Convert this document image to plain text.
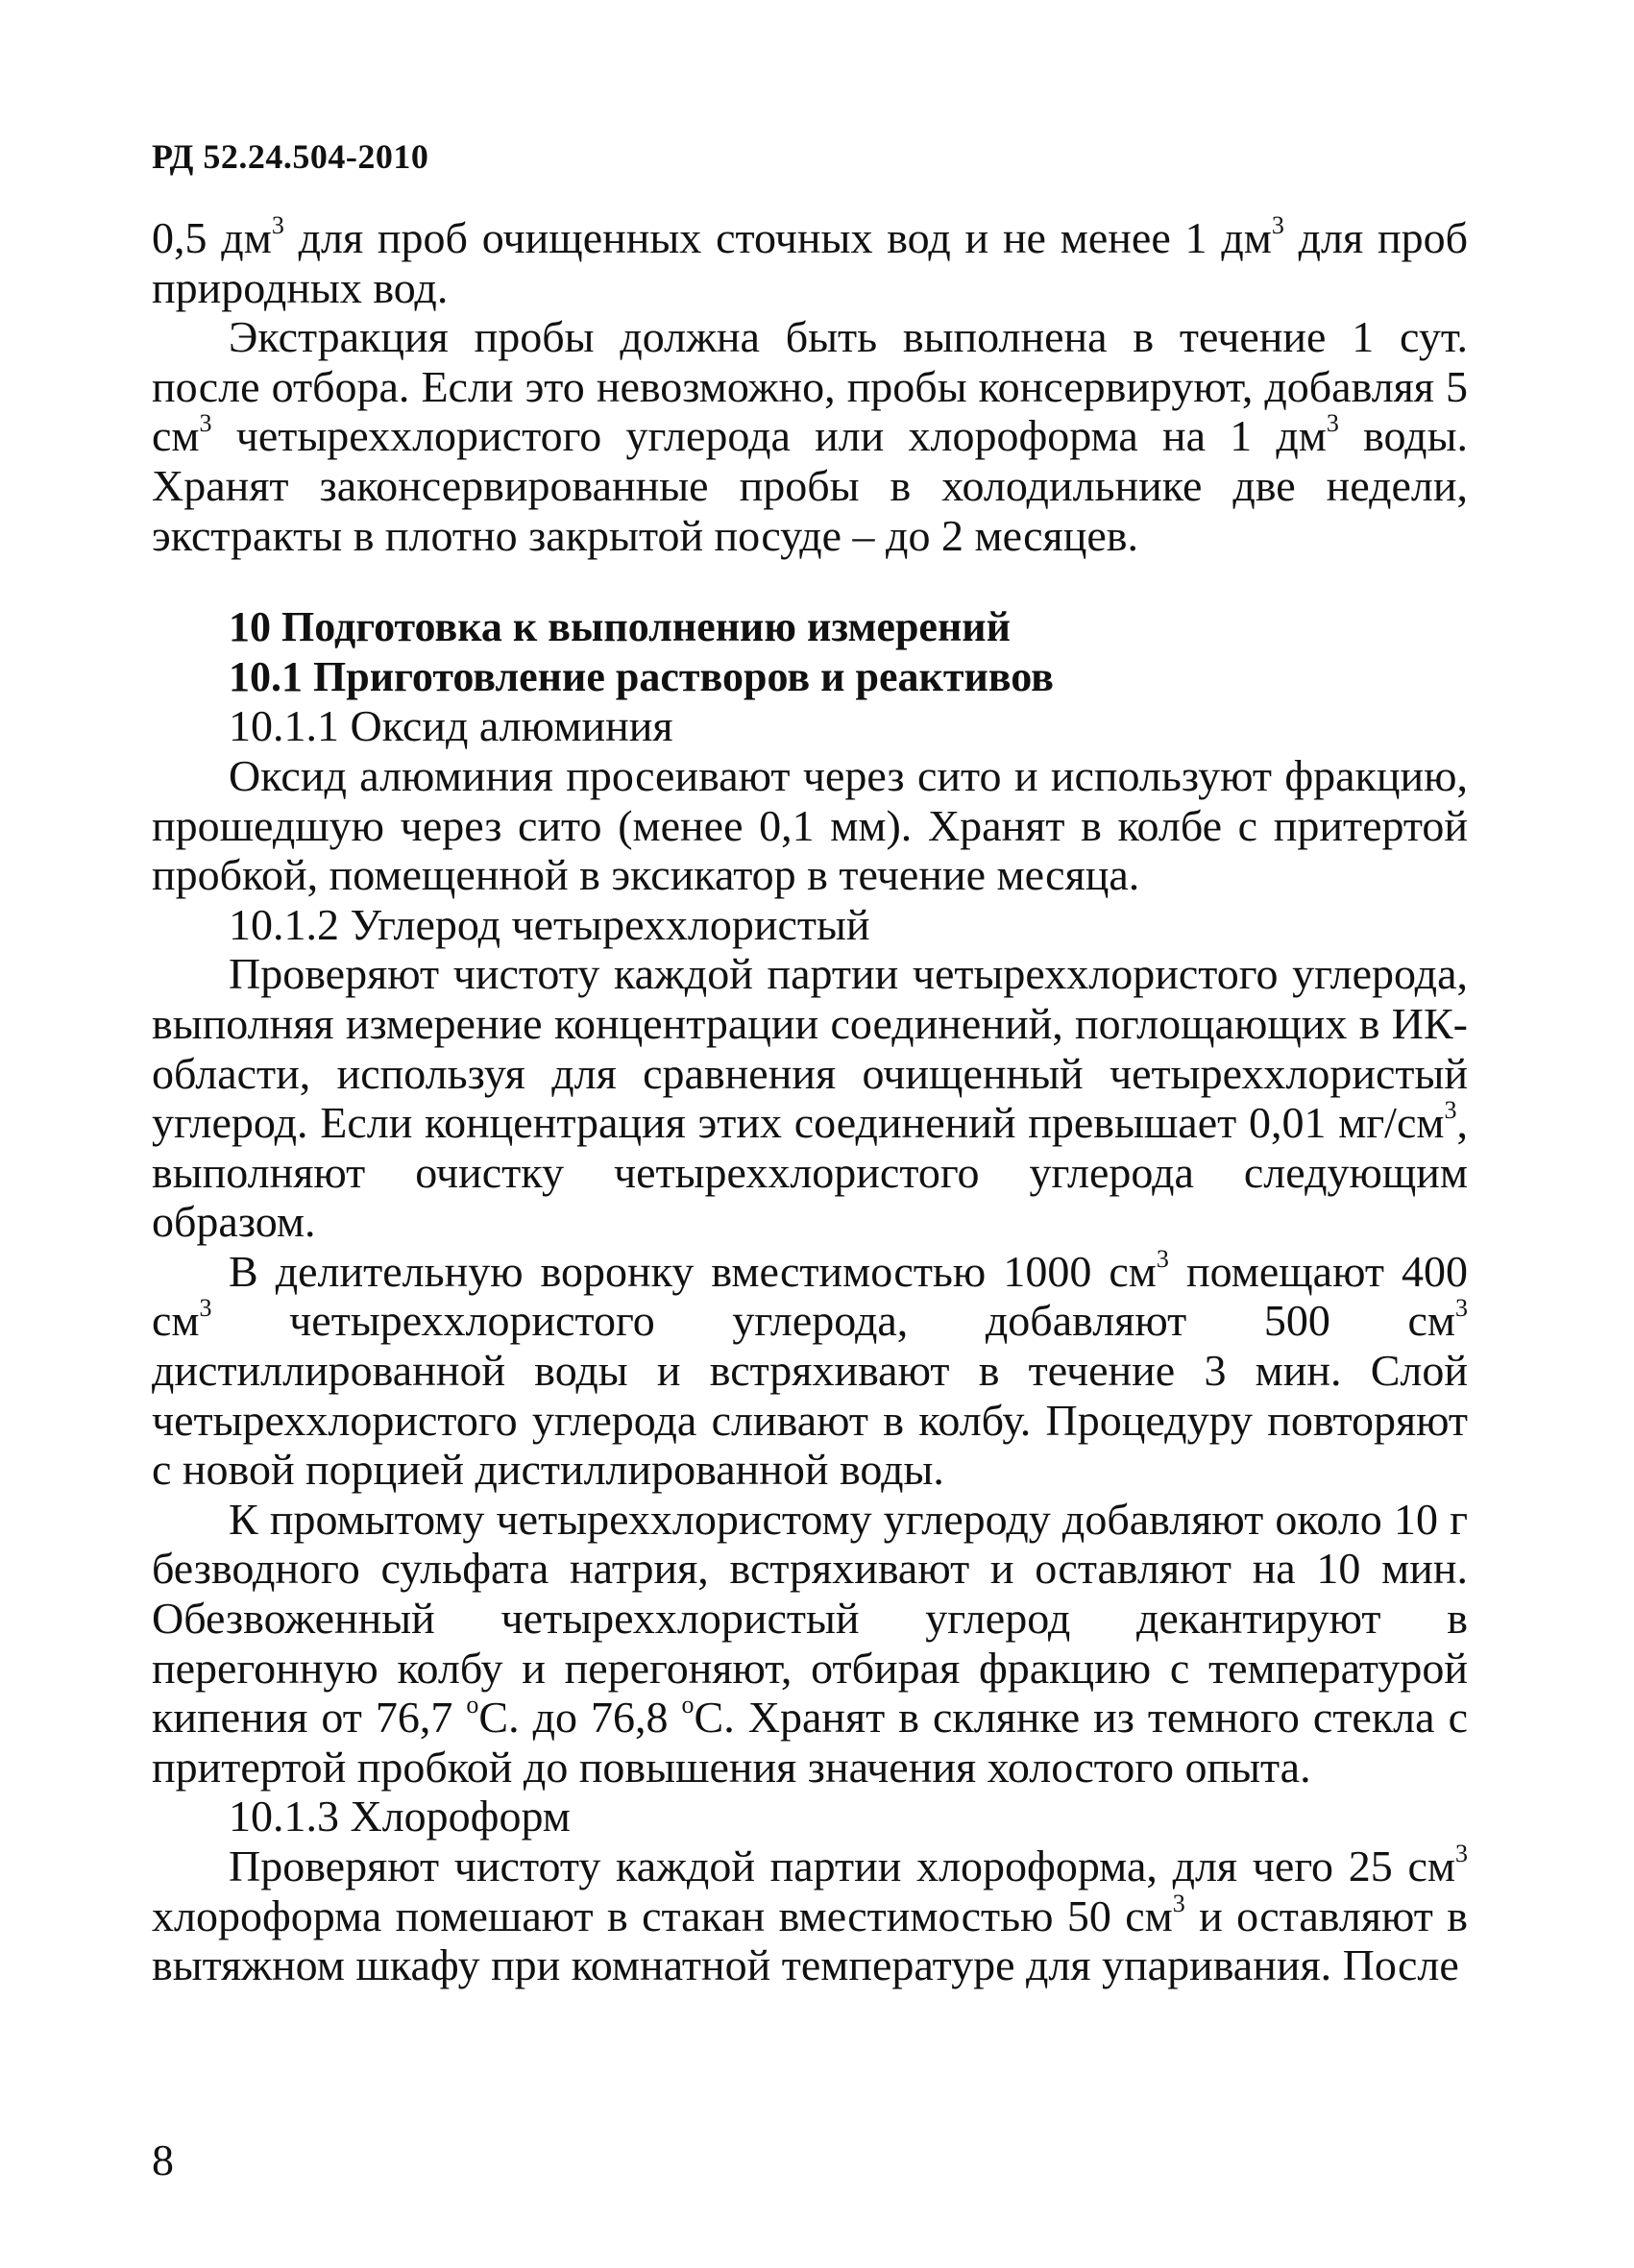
РД 52.24.504-2010

0,5 $дм^3$ для проб очищенных сточных вод и не менее 1 $дм^3$ для проб природных вод.

Экстракция пробы должна быть выполнена в течение 1 сут. после отбора. Если это невозможно, пробы консервируют, добавляя 5 $см^3$ четыреххлористого углерода или хлороформа на 1 $дм^3$ воды. Хранят законсервированные пробы в холодильнике две недели, экстракты в плотно закрытой посуде – до 2 месяцев.

10 Подготовка к выполнению измерений

10.1 Приготовление растворов и реактивов

10.1.1 Оксид алюминия

Оксид алюминия просеивают через сито и используют фракцию, прошедшую через сито (менее 0,1 мм). Хранят в колбе с притертой пробкой, помещенной в эксикатор в течение месяца.

10.1.2 Углерод четыреххлористый

Проверяют чистоту каждой партии четыреххлористого углерода, выполняя измерение концентрации соединений, поглощающих в ИК-области, используя для сравнения очищенный четыреххлористый углерод. Если концентрация этих соединений превышает 0,01 $мг/см^3$, выполняют очистку четыреххлористого углерода следующим образом.

В делительную воронку вместимостью 1000 $см^3$ помещают 400 $см^3$ четыреххлористого углерода, добавляют 500 $см^3$ дистиллированной воды и встряхивают в течение 3 мин. Слой четыреххлористого углерода сливают в колбу. Процедуру повторяют с новой порцией дистиллированной воды.

К промытому четыреххлористому углероду добавляют около 10 г безводного сульфата натрия, встряхивают и оставляют на 10 мин. Обезвоженный четыреххлористый углерод декантируют в перегонную колбу и перегоняют, отбирая фракцию с температурой кипения от 76,7 $^o$С. до 76,8 $^o$С. Хранят в склянке из темного стекла с притертой пробкой до повышения значения холостого опыта.

10.1.3 Хлороформ

Проверяют чистоту каждой партии хлороформа, для чего 25 $см^3$ хлороформа помешают в стакан вместимостью 50 $см^3$ и оставляют в вытяжном шкафу при комнатной температуре для упаривания. После

8
